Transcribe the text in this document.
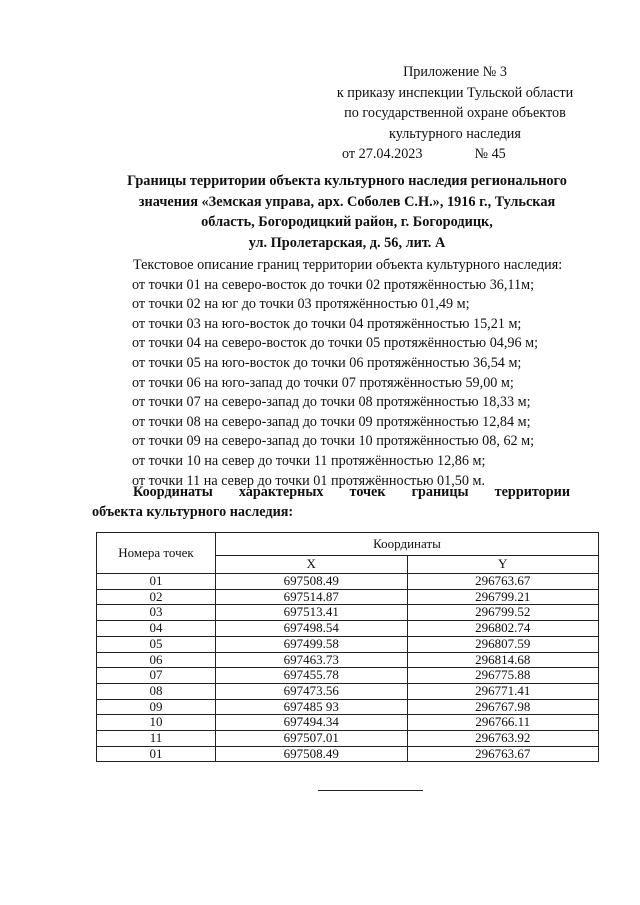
Приложение № 3
к приказу инспекции Тульской области
по государственной охране объектов
культурного наследия
от 27.04.2023	№ 45
Границы территории объекта культурного наследия регионального
значения «Земская управа, арх. Соболев С.Н.», 1916 г., Тульская
область, Богородицкий район, г. Богородицк,
ул. Пролетарская, д. 56, лит. А
Текстовое описание границ территории объекта культурного наследия:
от точки 01 на северо-восток до точки 02 протяжённостью 36,11м;
от точки 02 на юг до точки 03 протяжённостью 01,49 м;
от точки 03 на юго-восток до точки 04 протяжённостью 15,21 м;
от точки 04 на северо-восток до точки 05 протяжённостью 04,96 м;
от точки 05 на юго-восток до точки 06 протяжённостью 36,54 м;
от точки 06 на юго-запад до точки 07 протяжённостью 59,00 м;
от точки 07 на северо-запад до точки 08 протяжённостью 18,33 м;
от точки 08 на северо-запад до точки 09 протяжённостью 12,84 м;
от точки 09 на северо-запад до точки 10 протяжённостью 08, 62 м;
от точки 10 на север до точки 11 протяжённостью 12,86 м;
от точки 11 на север до точки 01 протяжённостью 01,50 м.
Координаты характерных точек границы территории
объекта культурного наследия:
Номера точек	Координаты	
	X	Y
01	697508.49	296763.67
02	697514.87	296799.21
03	697513.41	296799.52
04	697498.54	296802.74
05	697499.58	296807.59
06	697463.73	296814.68
07	697455.78	296775.88
08	697473.56	296771.41
09	697485 93	296767.98
10	697494.34	296766.11
11	697507.01	296763.92
01	697508.49	296763.67
